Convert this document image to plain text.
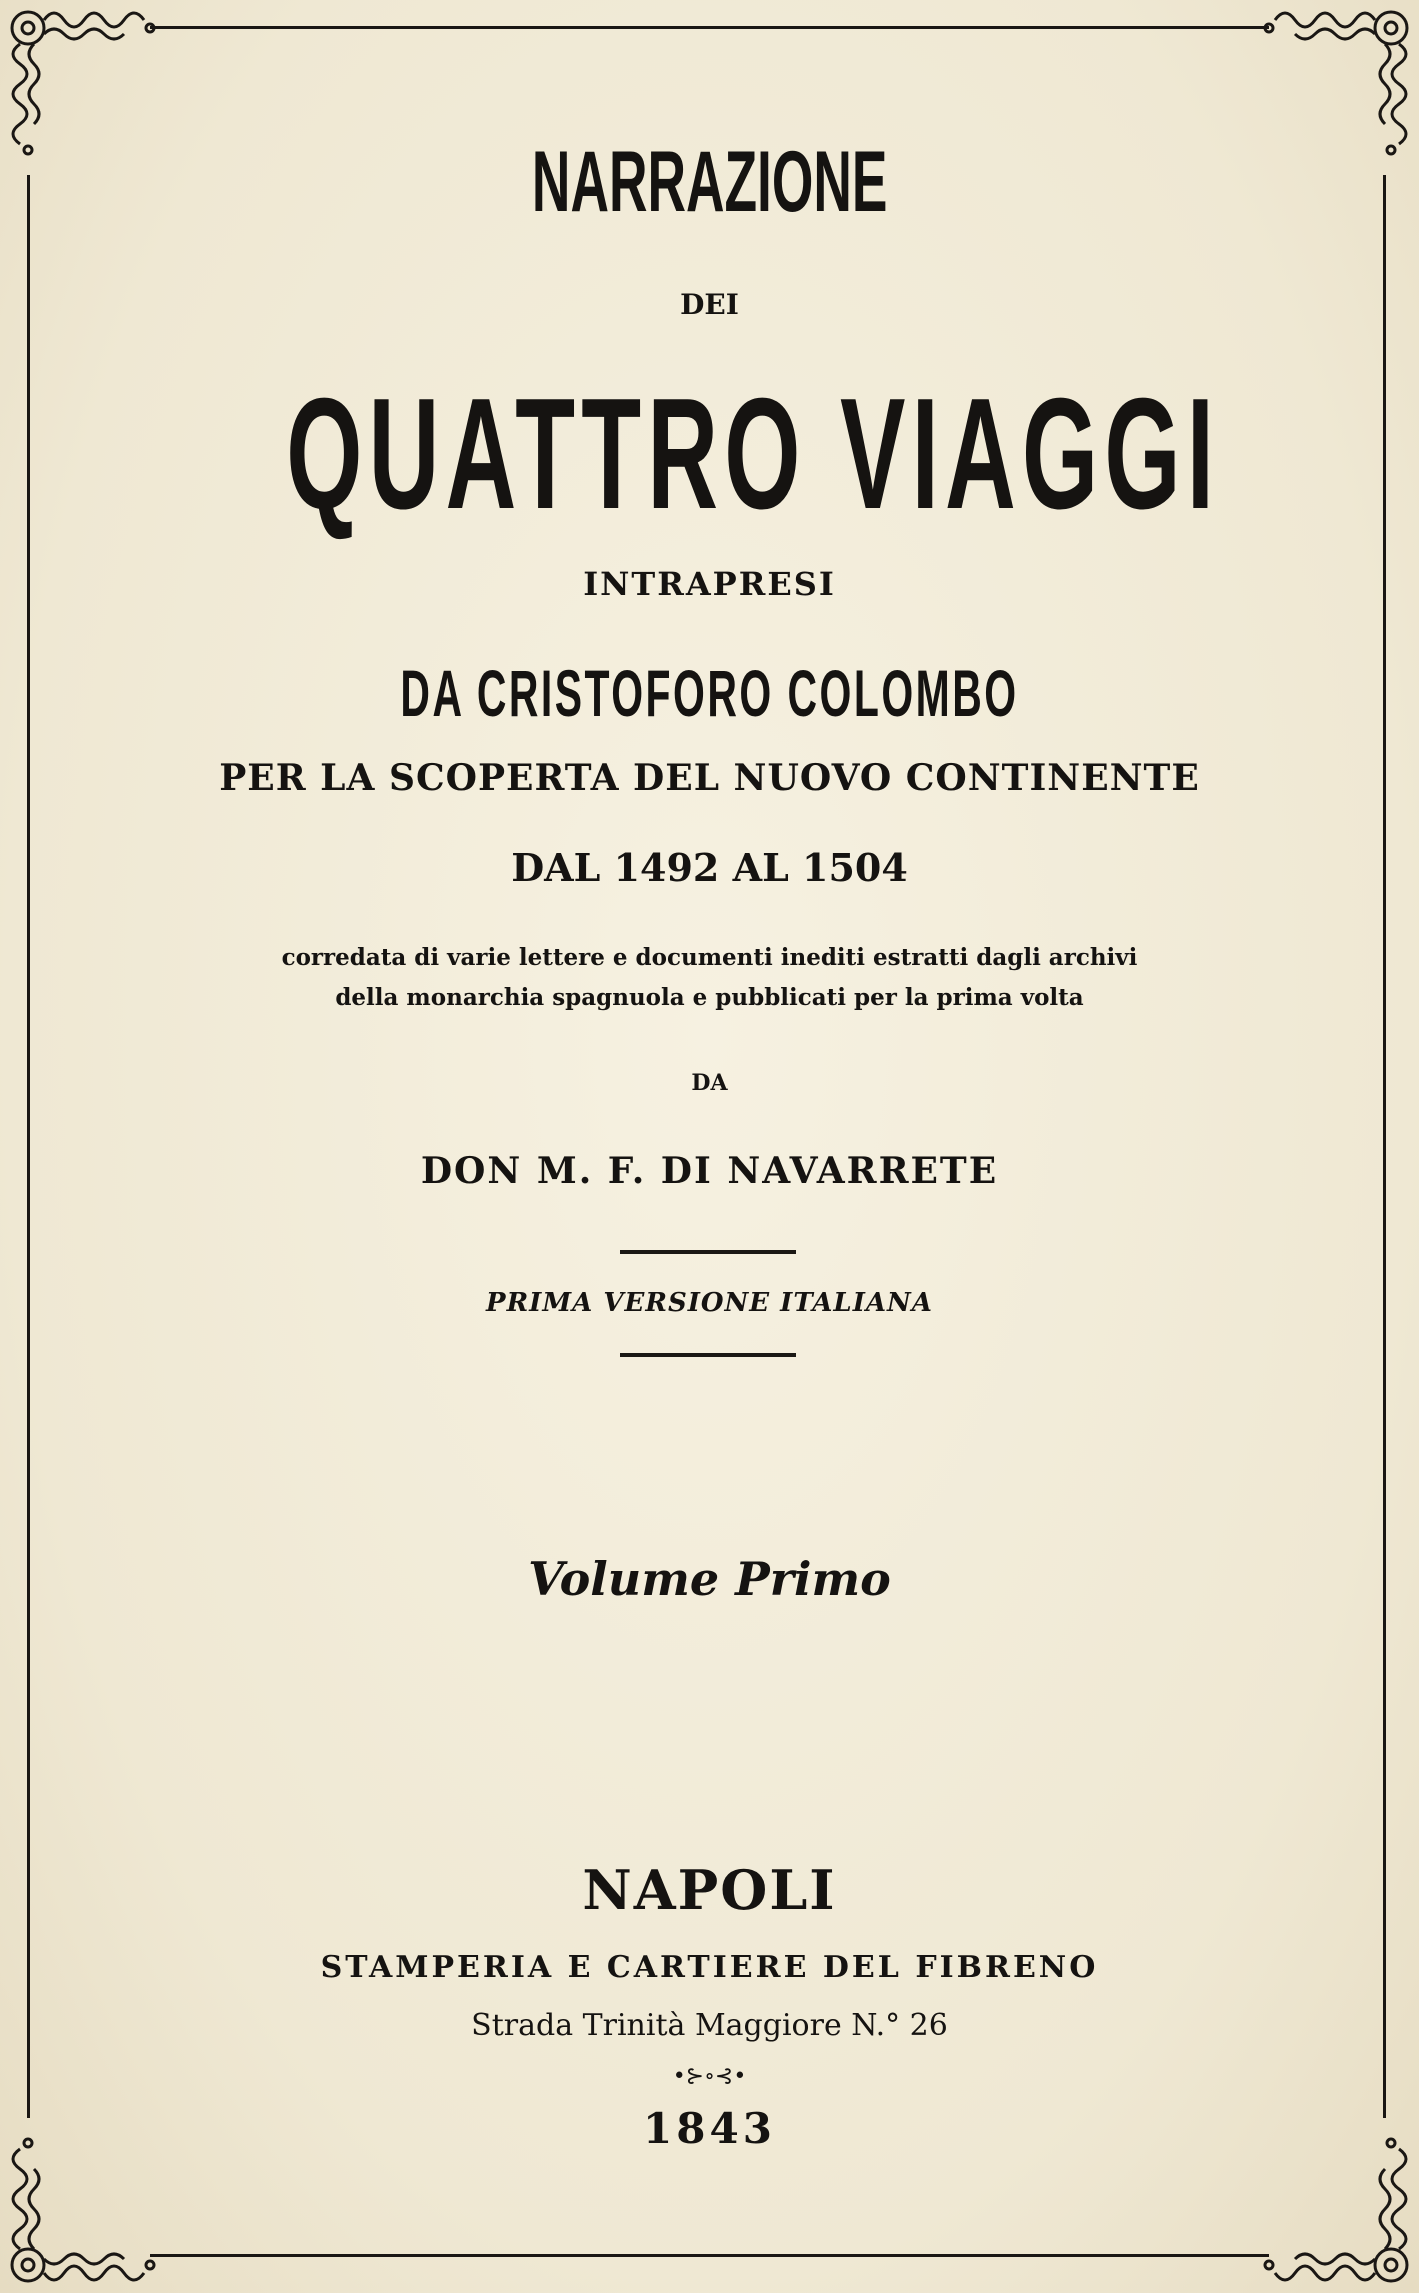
NARRAZIONE

DEI

QUATTRO VIAGGI

INTRAPRESI

DA CRISTOFORO COLOMBO

PER LA SCOPERTA DEL NUOVO CONTINENTE

DAL 1492 AL 1504

corredata di varie lettere e documenti inediti estratti dagli archivi

della monarchia spagnuola e pubblicati per la prima volta

DA

DON M. F. DI NAVARRETE

PRIMA VERSIONE ITALIANA

Volume Primo

NAPOLI

STAMPERIA E CARTIERE DEL FIBRENO

Strada Trinità Maggiore N.° 26

•⊱∘⊰•

1843
